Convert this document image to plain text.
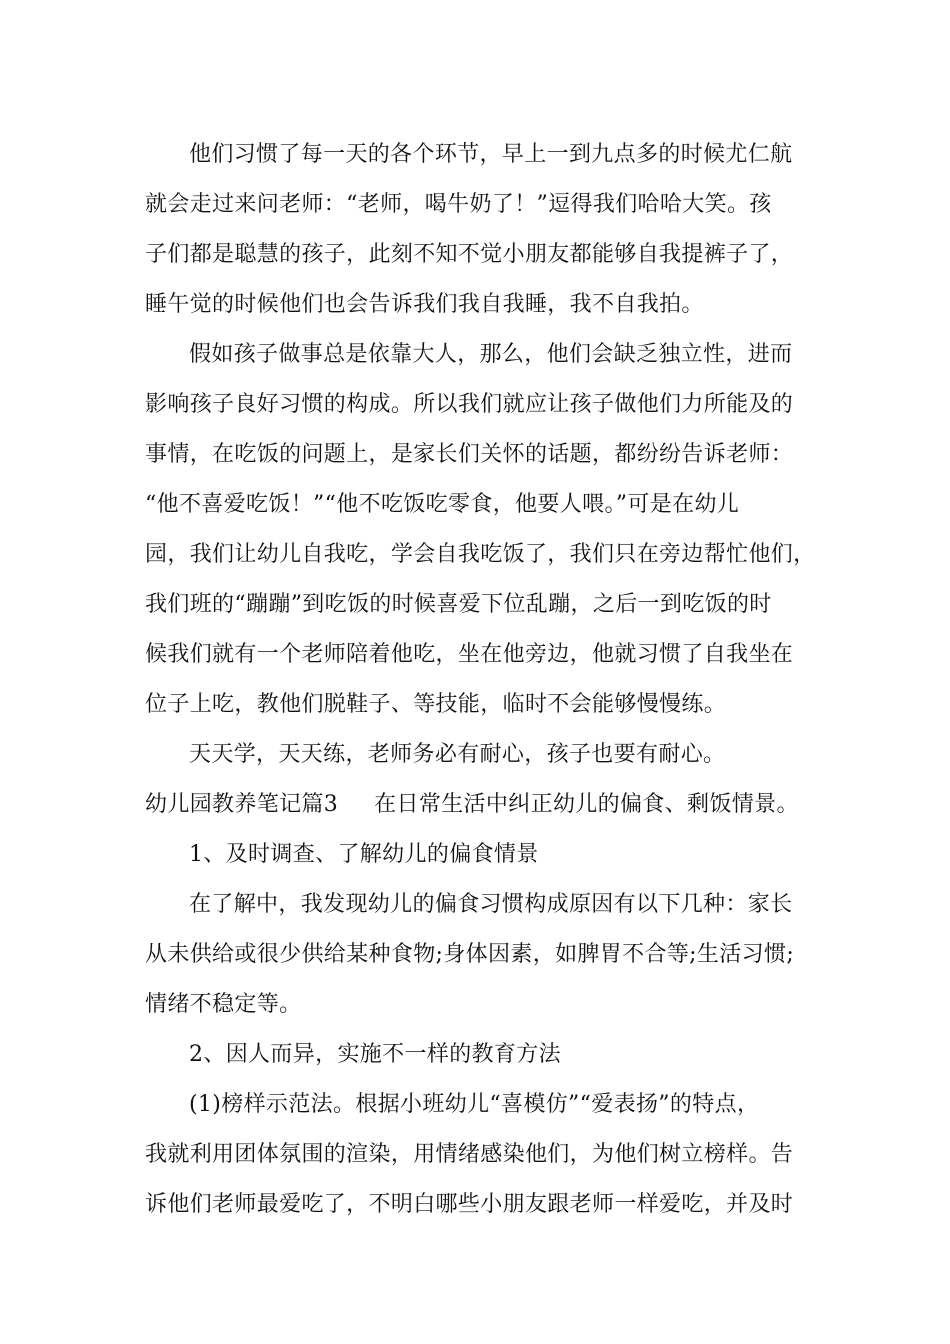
他们习惯了每一天的各个环节，早上一到九点多的时候尤仁航
就会走过来问老师：“老师，喝牛奶了！”逗得我们哈哈大笑。孩
子们都是聪慧的孩子，此刻不知不觉小朋友都能够自我提裤子了，
睡午觉的时候他们也会告诉我们我自我睡，我不自我拍。
假如孩子做事总是依靠大人，那么，他们会缺乏独立性，进而
影响孩子良好习惯的构成。所以我们就应让孩子做他们力所能及的
事情，在吃饭的问题上，是家长们关怀的话题，都纷纷告诉老师：
“他不喜爱吃饭！”“他不吃饭吃零食，他要人喂。”可是在幼儿
园，我们让幼儿自我吃，学会自我吃饭了，我们只在旁边帮忙他们，
我们班的“蹦蹦”到吃饭的时候喜爱下位乱蹦，之后一到吃饭的时
候我们就有一个老师陪着他吃，坐在他旁边，他就习惯了自我坐在
位子上吃，教他们脱鞋子、等技能，临时不会能够慢慢练。
天天学，天天练，老师务必有耐心，孩子也要有耐心。
幼儿园教养笔记篇3 在日常生活中纠正幼儿的偏食、剩饭情景。
1、及时调查、了解幼儿的偏食情景
在了解中，我发现幼儿的偏食习惯构成原因有以下几种：家长
从未供给或很少供给某种食物;身体因素，如脾胃不合等;生活习惯;
情绪不稳定等。
2、因人而异，实施不一样的教育方法
(1)榜样示范法。根据小班幼儿“喜模仿”“爱表扬”的特点，
我就利用团体氛围的渲染，用情绪感染他们，为他们树立榜样。告
诉他们老师最爱吃了，不明白哪些小朋友跟老师一样爱吃，并及时
